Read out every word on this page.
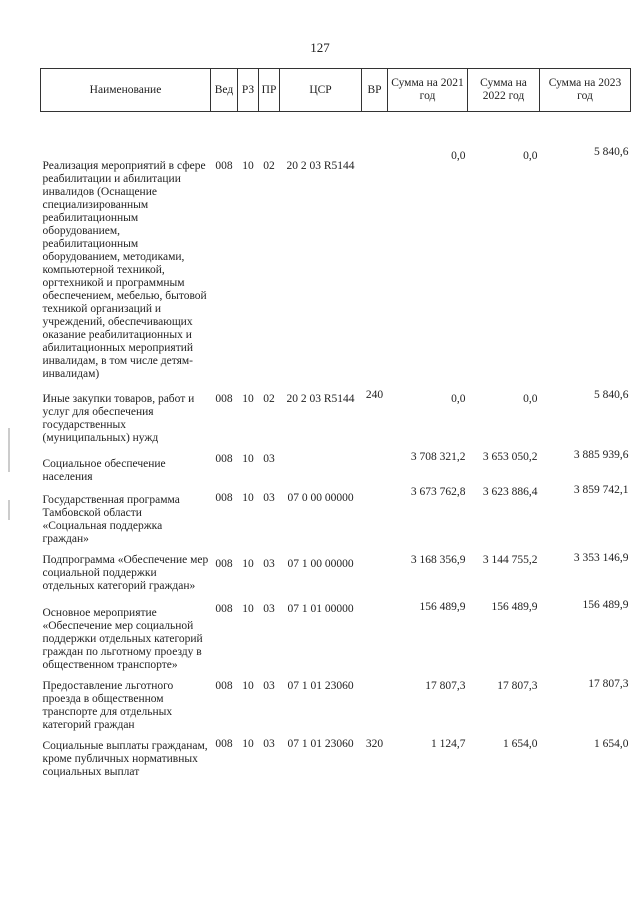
127
Наименование	Вед	РЗ	ПР	ЦСР	ВР	Сумма на 2021 год	Сумма на 2022 год	Сумма на 2023 год
Реализация мероприятий в сфере реабилитации и абилитации инвалидов (Оснащение специализированным реабилитационным оборудованием, реабилитационным оборудованием, методиками, компьютерной техникой, оргтехникой и программным обеспечением, мебелью, бытовой техникой организаций и учреждений, обеспечивающих оказание реабилитационных и абилитационных мероприятий инвалидам, в том числе детям-инвалидам)	008	10	02	20 2 03 R5144		0,0	0,0	5 840,6
Иные закупки товаров, работ и услуг для обеспечения государственных (муниципальных) нужд	008	10	02	20 2 03 R5144	240	0,0	0,0	5 840,6
Социальное обеспечение населения	008	10	03			3 708 321,2	3 653 050,2	3 885 939,6
Государственная программа Тамбовской области «Социальная поддержка граждан»	008	10	03	07 0 00 00000		3 673 762,8	3 623 886,4	3 859 742,1
Подпрограмма «Обеспечение мер социальной поддержки отдельных категорий граждан»	008	10	03	07 1 00 00000		3 168 356,9	3 144 755,2	3 353 146,9
Основное мероприятие «Обеспечение мер социальной поддержки отдельных категорий граждан по льготному проезду в общественном транспорте»	008	10	03	07 1 01 00000		156 489,9	156 489,9	156 489,9
Предоставление льготного проезда в общественном транспорте для отдельных категорий граждан	008	10	03	07 1 01 23060		17 807,3	17 807,3	17 807,3
Социальные выплаты гражданам, кроме публичных нормативных социальных выплат	008	10	03	07 1 01 23060	320	1 124,7	1 654,0	1 654,0
